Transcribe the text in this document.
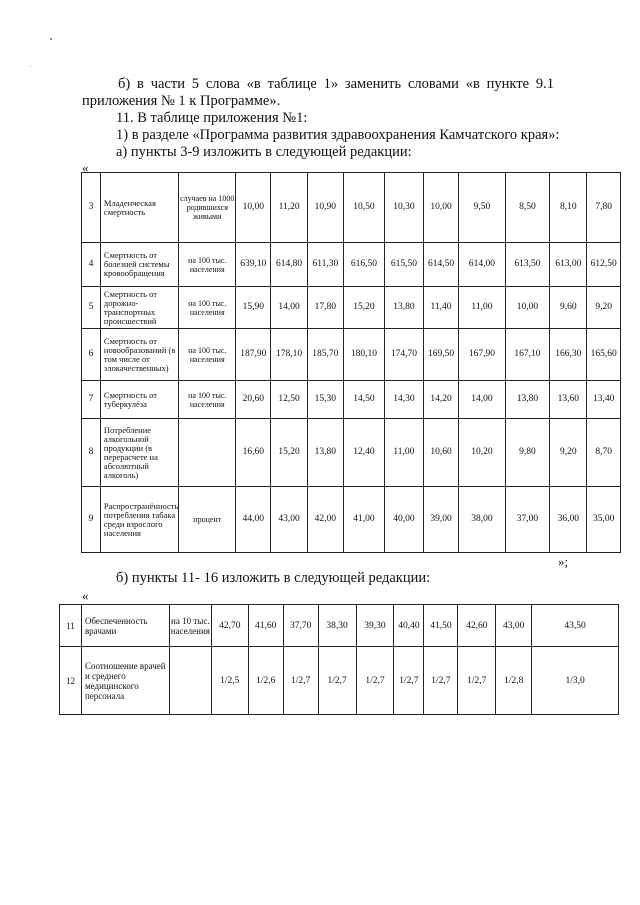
б) в части 5 слова «в таблице 1» заменить словами «в пункте 9.1
приложения № 1 к Программе».
11. В таблице приложения №1:
1) в разделе «Программа развития здравоохранения Камчатского края»:
а) пункты 3-9 изложить в следующей редакции:
«
3	Младенческая смертность	случаев на 1000 родившихся живыми	10,00	11,20	10,90	10,50	10,30	10,00	9,50	8,50	8,10	7,80
4	Смертность от болезней системы кровообращения	на 100 тыс. населения	639,10	614,80	611,30	616,50	615,50	614,50	614,00	613,50	613,00	612,50
5	Смертность от дорожно-транспортных происшествий	на 100 тыс. населения	15,90	14,00	17,80	15,20	13,80	11,40	11,00	10,00	9,60	9,20
6	Смертность от новообразований (в том числе от злокачественных)	на 100 тыс. населения	187,90	178,10	185,70	180,10	174,70	169,50	167,90	167,10	166,30	165,60
7	Смертность от туберкулёза	на 100 тыс. населения	20,60	12,50	15,30	14,50	14,30	14,20	14,00	13,80	13,60	13,40
8	Потребление алкогольной продукции (в перерасчете на абсолютный алкоголь)		16,60	15,20	13,80	12,40	11,00	10,60	10,20	9,80	9,20	8,70
9	Распространённость потребления табака среди взрослого населения	процент	44,00	43,00	42,00	41,00	40,00	39,00	38,00	37,00	36,00	35,00
»;
б) пункты 11- 16 изложить в следующей редакции:
«
11	Обеспеченность врачами	на 10 тыс. населения	42,70	41,60	37,70	38,30	39,30	40,40	41,50	42,60	43,00	43,50
12	Соотношение врачей и среднего медицинского персонала		1/2,5	1/2,6	1/2,7	1/2,7	1/2,7	1/2,7	1/2,7	1/2,7	1/2,8	1/3,0
